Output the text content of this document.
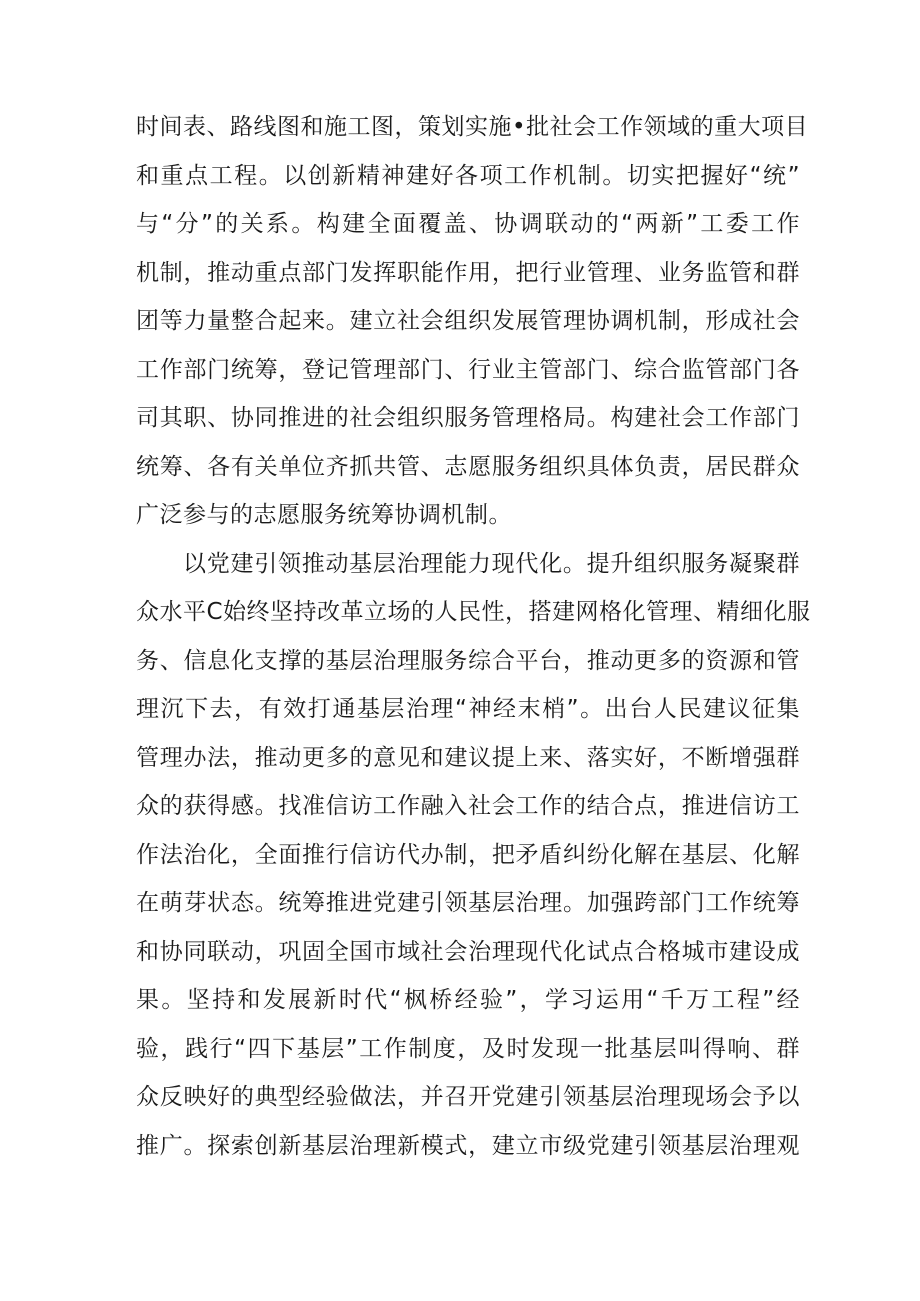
时间表、路线图和施工图，策划实施•批社会工作领域的重大项目
和重点工程。以创新精神建好各项工作机制。切实把握好“统”
与“分”的关系。构建全面覆盖、协调联动的“两新”工委工作
机制，推动重点部门发挥职能作用，把行业管理、业务监管和群
团等力量整合起来。建立社会组织发展管理协调机制，形成社会
工作部门统筹，登记管理部门、行业主管部门、综合监管部门各
司其职、协同推进的社会组织服务管理格局。构建社会工作部门
统筹、各有关单位齐抓共管、志愿服务组织具体负责，居民群众
广泛参与的志愿服务统筹协调机制。
以党建引领推动基层治理能力现代化。提升组织服务凝聚群
众水平C始终坚持改革立场的人民性，搭建网格化管理、精细化服
务、信息化支撑的基层治理服务综合平台，推动更多的资源和管
理沉下去，有效打通基层治理“神经末梢”。出台人民建议征集
管理办法，推动更多的意见和建议提上来、落实好，不断增强群
众的获得感。找准信访工作融入社会工作的结合点，推进信访工
作法治化，全面推行信访代办制，把矛盾纠纷化解在基层、化解
在萌芽状态。统筹推进党建引领基层治理。加强跨部门工作统筹
和协同联动，巩固全国市域社会治理现代化试点合格城市建设成
果。坚持和发展新时代“枫桥经验”，学习运用“千万工程”经
验，践行“四下基层”工作制度，及时发现一批基层叫得响、群
众反映好的典型经验做法，并召开党建引领基层治理现场会予以
推广。探索创新基层治理新模式，建立市级党建引领基层治理观
